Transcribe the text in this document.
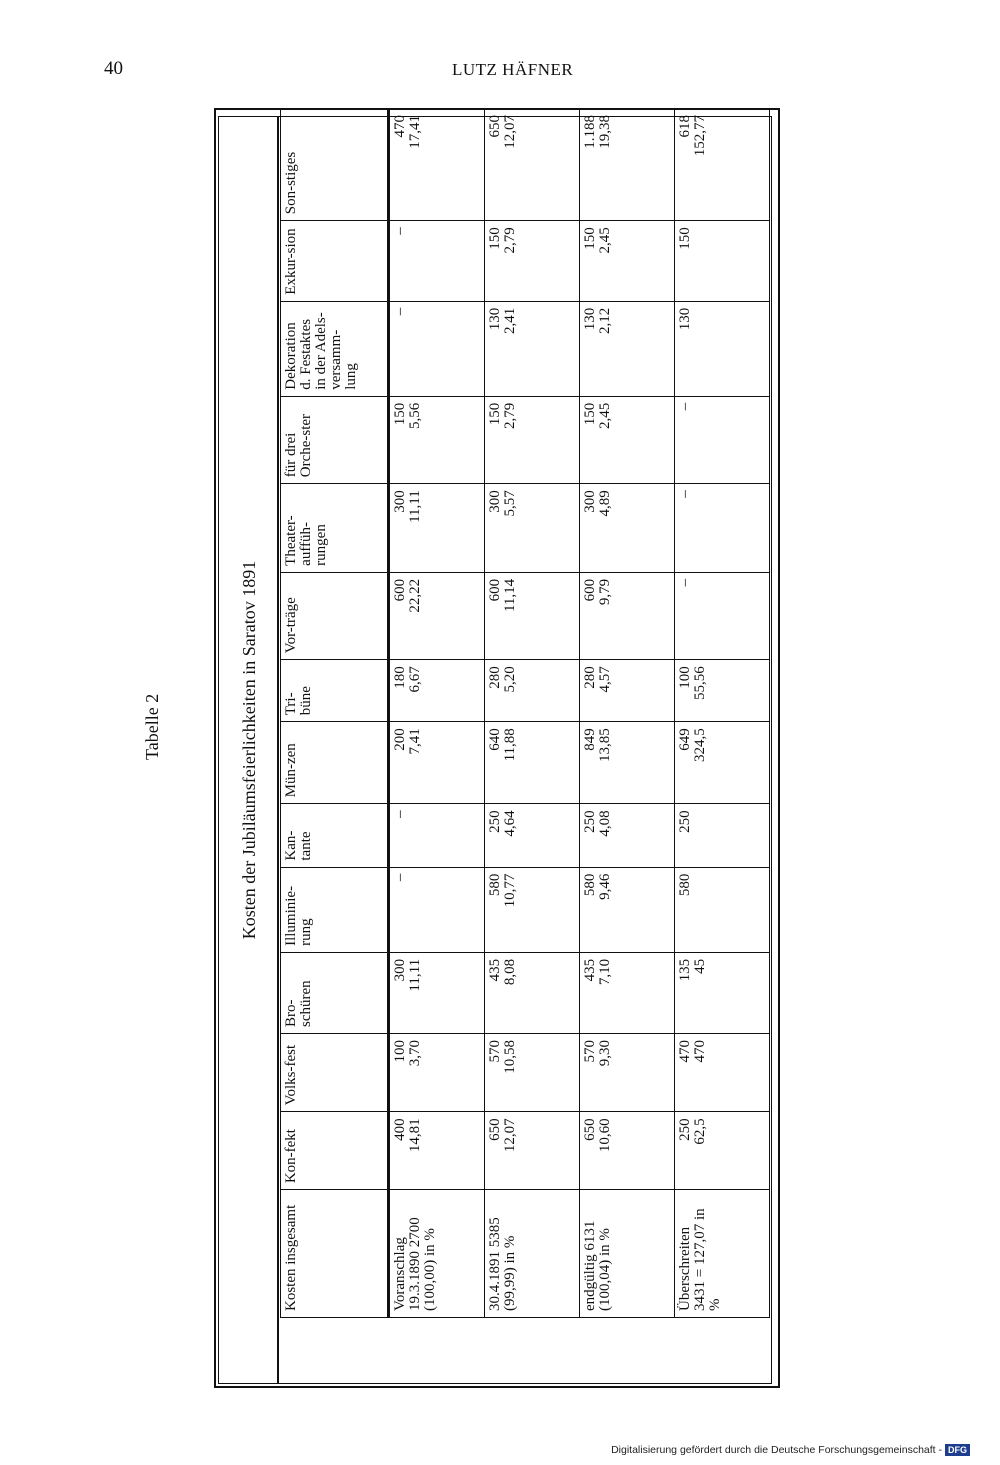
40	LUTZ HÄFNER
Tabelle 2	Kosten der Jubiläumsfeierlichkeiten in Saratov 1891
Kosten insgesamt	Kon-fekt	Volks-fest	Bro-schüren	Illuminie-rung	Kan-tante	Mün-zen	Tri-büne	Vor-träge	Theater-auffüh-rungen	für drei Orche-ster	Dekoration d. Festaktes in der Adels-versamm-lung	Exkur-sion	Son-stiges
Voranschlag 19.3.1890 2700 (100,00) in %	400 14,81	100 3,70	300 11,11	–	–	200 7,41	180 6,67	600 22,22	300 11,11	150 5,56	–	–	470 17,41

30.4.1891 5385 (99,99) in %	650 12,07	570 10,58	435 8,08	580 10,77	250 4,64	640 11,88	280 5,20	600 11,14	300 5,57	150 2,79	130 2,41	150 2,79	650 12,07

endgültig 6131 (100,04) in %	650 10,60	570 9,30	435 7,10	580 9,46	250 4,08	849 13,85	280 4,57	600 9,79	300 4,89	150 2,45	130 2,12	150 2,45	1.188 19,38

Überschreiten 3431 = 127,07 in %	250 62,5	470 470	135 45	580	250	649 324,5	100 55,56	–	–	–	130	150	618 152,77
Digitalisierung gefördert durch die Deutsche Forschungsgemeinschaft - DFG
